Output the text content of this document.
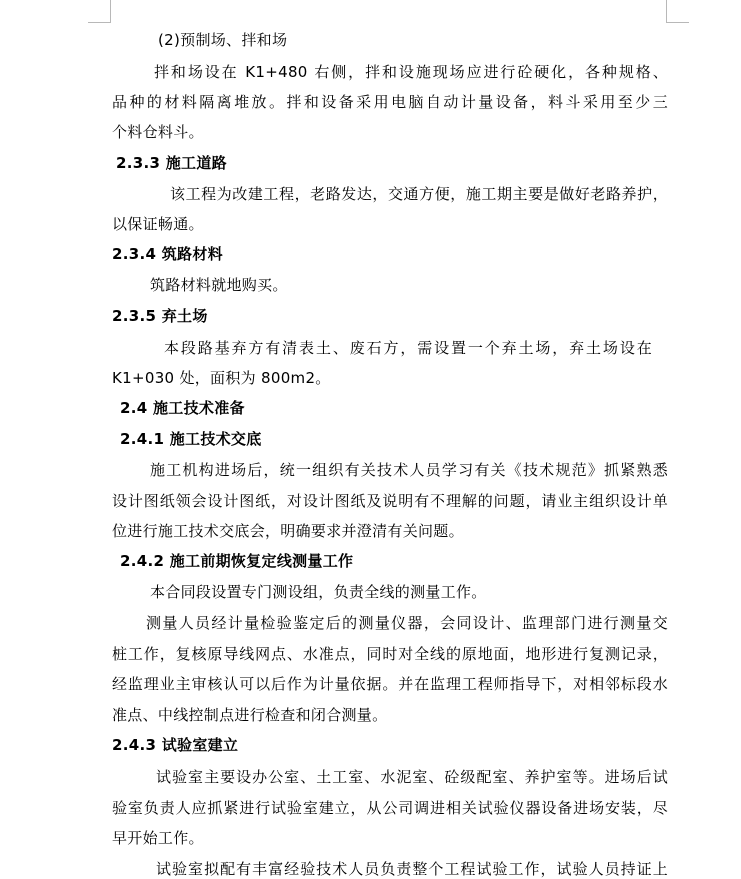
(2)预制场、拌和场
拌和场设在 K1+480 右侧，拌和设施现场应进行砼硬化，各种规格、
品种的材料隔离堆放。拌和设备采用电脑自动计量设备，料斗采用至少三
个料仓料斗。
2.3.3 施工道路
该工程为改建工程，老路发达，交通方便，施工期主要是做好老路养护，
以保证畅通。
2.3.4 筑路材料
筑路材料就地购买。
2.3.5 弃土场
本段路基弃方有清表土、废石方，需设置一个弃土场，弃土场设在
K1+030 处，面积为 800m2。
2.4 施工技术准备
2.4.1 施工技术交底
施工机构进场后，统一组织有关技术人员学习有关《技术规范》抓紧熟悉
设计图纸领会设计图纸，对设计图纸及说明有不理解的问题，请业主组织设计单
位进行施工技术交底会，明确要求并澄清有关问题。
2.4.2 施工前期恢复定线测量工作
本合同段设置专门测设组，负责全线的测量工作。
测量人员经计量检验鉴定后的测量仪器，会同设计、监理部门进行测量交
桩工作，复核原导线网点、水准点，同时对全线的原地面，地形进行复测记录，
经监理业主审核认可以后作为计量依据。并在监理工程师指导下，对相邻标段水
准点、中线控制点进行检查和闭合测量。
2.4.3 试验室建立
试验室主要设办公室、土工室、水泥室、砼级配室、养护室等。进场后试
验室负责人应抓紧进行试验室建立，从公司调进相关试验仪器设备进场安装，尽
早开始工作。
试验室拟配有丰富经验技术人员负责整个工程试验工作，试验人员持证上
